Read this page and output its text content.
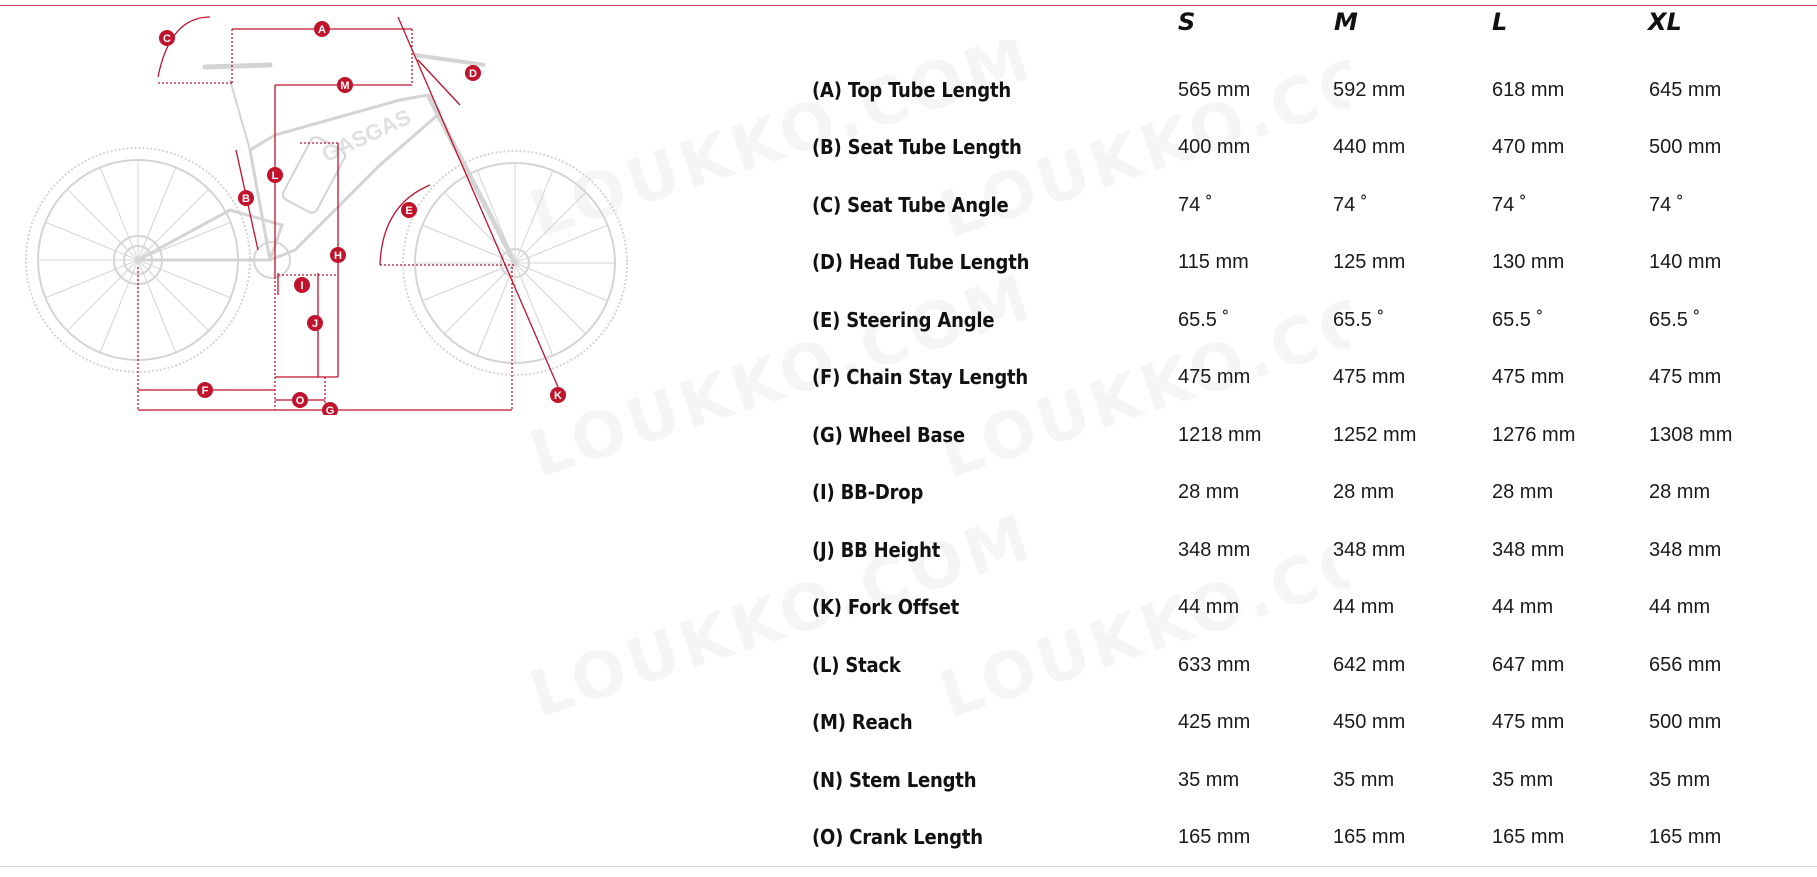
GASGAS
A
B
C
D
E
F
G
H
I
J
K
L
M
O
S	M	L	XL
(A) Top Tube Length	565 mm	592 mm	618 mm	645 mm
(B) Seat Tube Length	400 mm	440 mm	470 mm	500 mm
(C) Seat Tube Angle	74 ˚	74 ˚	74 ˚	74 ˚
(D) Head Tube Length	115 mm	125 mm	130 mm	140 mm
(E) Steering Angle	65.5 ˚	65.5 ˚	65.5 ˚	65.5 ˚
(F) Chain Stay Length	475 mm	475 mm	475 mm	475 mm
(G) Wheel Base	1218 mm	1252 mm	1276 mm	1308 mm
(I) BB-Drop	28 mm	28 mm	28 mm	28 mm
(J) BB Height	348 mm	348 mm	348 mm	348 mm
(K) Fork Offset	44 mm	44 mm	44 mm	44 mm
(L) Stack	633 mm	642 mm	647 mm	656 mm
(M) Reach	425 mm	450 mm	475 mm	500 mm
(N) Stem Length	35 mm	35 mm	35 mm	35 mm
(O) Crank Length	165 mm	165 mm	165 mm	165 mm
